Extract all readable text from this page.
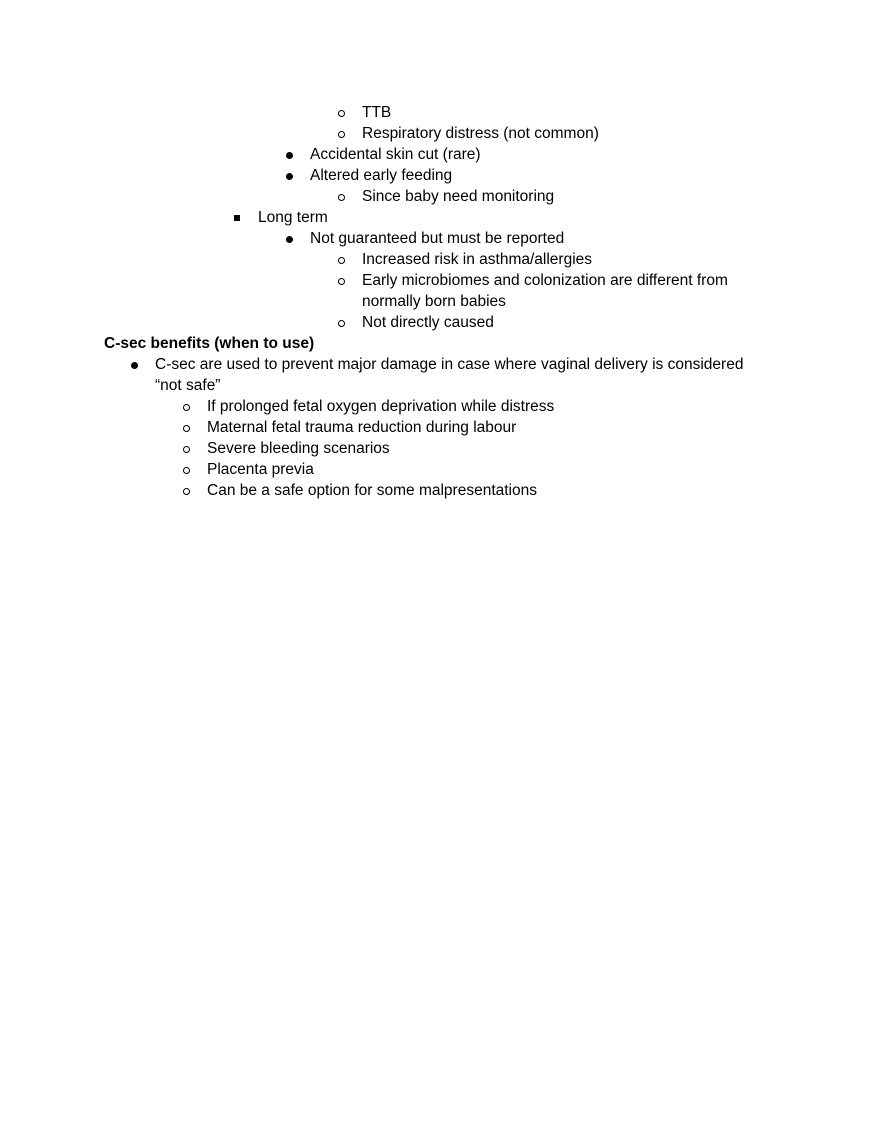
TTB
Respiratory distress (not common)
Accidental skin cut (rare)
Altered early feeding
Since baby need monitoring
Long term
Not guaranteed but must be reported
Increased risk in asthma/allergies
Early microbiomes and colonization are different from normally born babies
Not directly caused
C-sec benefits (when to use)
C-sec are used to prevent major damage in case where vaginal delivery is considered “not safe”
If prolonged fetal oxygen deprivation while distress
Maternal fetal trauma reduction during labour
Severe bleeding scenarios
Placenta previa
Can be a safe option for some malpresentations
